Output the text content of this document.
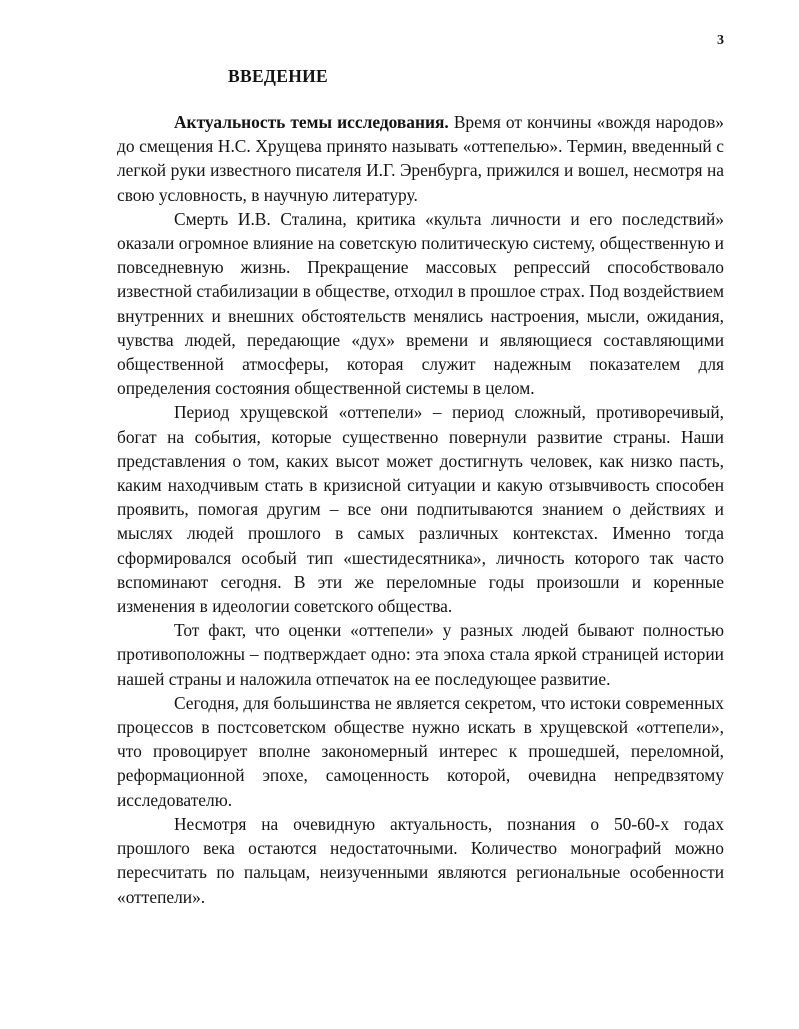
3
ВВЕДЕНИЕ

Актуальность темы исследования. Время от кончины «вождя народов» до смещения Н.С. Хрущева принято называть «оттепелью». Термин, введенный с легкой руки известного писателя И.Г. Эренбурга, прижился и вошел, несмотря на свою условность, в научную литературу.

Смерть И.В. Сталина, критика «культа личности и его последствий» оказали огромное влияние на советскую политическую систему, общественную и повседневную жизнь. Прекращение массовых репрессий способствовало известной стабилизации в обществе, отходил в прошлое страх. Под воздействием внутренних и внешних обстоятельств менялись настроения, мысли, ожидания, чувства людей, передающие «дух» времени и являющиеся составляющими общественной атмосферы, которая служит надежным показателем для определения состояния общественной системы в целом.

Период хрущевской «оттепели» – период сложный, противоречивый, богат на события, которые существенно повернули развитие страны. Наши представления о том, каких высот может достигнуть человек, как низко пасть, каким находчивым стать в кризисной ситуации и какую отзывчивость способен проявить, помогая другим – все они подпитываются знанием о действиях и мыслях людей прошлого в самых различных контекстах. Именно тогда сформировался особый тип «шестидесятника», личность которого так часто вспоминают сегодня. В эти же переломные годы произошли и коренные изменения в идеологии советского общества.

Тот факт, что оценки «оттепели» у разных людей бывают полностью противоположны – подтверждает одно: эта эпоха стала яркой страницей истории нашей страны и наложила отпечаток на ее последующее развитие.

Сегодня, для большинства не является секретом, что истоки современных процессов в постсоветском обществе нужно искать в хрущевской «оттепели», что провоцирует вполне закономерный интерес к прошедшей, переломной, реформационной эпохе, самоценность которой, очевидна непредвзятому исследователю.

Несмотря на очевидную актуальность, познания о 50-60-х годах прошлого века остаются недостаточными. Количество монографий можно пересчитать по пальцам, неизученными являются региональные особенности «оттепели».
